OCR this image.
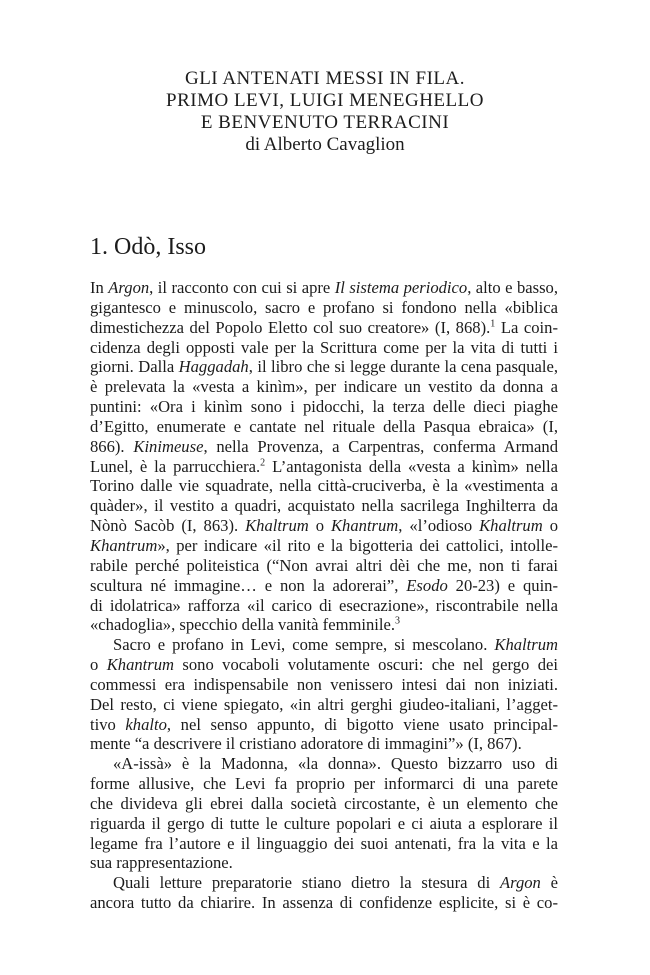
GLI ANTENATI MESSI IN FILA.
PRIMO LEVI, LUIGI MENEGHELLO
E BENVENUTO TERRACINI
di Alberto Cavaglion
1. Odò, Isso
In Argon, il racconto con cui si apre Il sistema periodico, alto e basso,
gigantesco e minuscolo, sacro e profano si fondono nella «biblica
dimestichezza del Popolo Eletto col suo creatore» (I, 868).$^1$ La coin-
cidenza degli opposti vale per la Scrittura come per la vita di tutti i
giorni. Dalla Haggadah, il libro che si legge durante la cena pasquale,
è prelevata la «vesta a kinìm», per indicare un vestito da donna a
puntini: «Ora i kinìm sono i pidocchi, la terza delle dieci piaghe
d’Egitto, enumerate e cantate nel rituale della Pasqua ebraica» (I,
866). Kinimeuse, nella Provenza, a Carpentras, conferma Armand
Lunel, è la parrucchiera.$^2$ L’antagonista della «vesta a kinìm» nella
Torino dalle vie squadrate, nella città-cruciverba, è la «vestimenta a
quàder», il vestito a quadri, acquistato nella sacrilega Inghilterra da
Nònò Sacòb (I, 863). Khaltrum o Khantrum, «l’odioso Khaltrum o
Khantrum», per indicare «il rito e la bigotteria dei cattolici, intolle-
rabile perché politeistica (“Non avrai altri dèi che me, non ti farai
scultura né immagine… e non la adorerai”, Esodo 20-23) e quin-
di idolatrica» rafforza «il carico di esecrazione», riscontrabile nella
«chadoglia», specchio della vanità femminile.$^3$
Sacro e profano in Levi, come sempre, si mescolano. Khaltrum
o Khantrum sono vocaboli volutamente oscuri: che nel gergo dei
commessi era indispensabile non venissero intesi dai non iniziati.
Del resto, ci viene spiegato, «in altri gerghi giudeo-italiani, l’agget-
tivo khalto, nel senso appunto, di bigotto viene usato principal-
mente “a descrivere il cristiano adoratore di immagini”» (I, 867).
«A-issà» è la Madonna, «la donna». Questo bizzarro uso di
forme allusive, che Levi fa proprio per informarci di una parete
che divideva gli ebrei dalla società circostante, è un elemento che
riguarda il gergo di tutte le culture popolari e ci aiuta a esplorare il
legame fra l’autore e il linguaggio dei suoi antenati, fra la vita e la
sua rappresentazione.
Quali letture preparatorie stiano dietro la stesura di Argon è
ancora tutto da chiarire. In assenza di confidenze esplicite, si è co-
